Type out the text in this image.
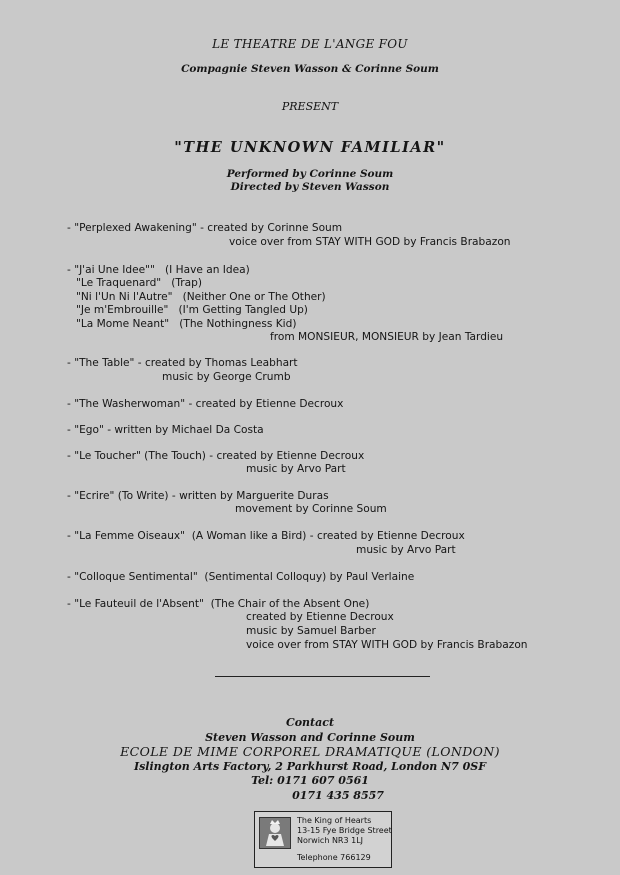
LE THEATRE DE L'ANGE FOU
Compagnie Steven Wasson & Corinne Soum
PRESENT
"THE UNKNOWN FAMILIAR"
Performed by Corinne Soum
Directed by Steven Wasson
- "Perplexed Awakening" - created by Corinne Soum
voice over from STAY WITH GOD by Francis Brabazon
- "J'ai Une Idee""   (I Have an Idea)
"Le Traquenard"   (Trap)
"Ni l'Un Ni l'Autre"   (Neither One or The Other)
"Je m'Embrouille"   (I'm Getting Tangled Up)
"La Mome Neant"   (The Nothingness Kid)
from MONSIEUR, MONSIEUR by Jean Tardieu
- "The Table" - created by Thomas Leabhart
music by George Crumb
- "The Washerwoman" - created by Etienne Decroux
- "Ego" - written by Michael Da Costa
- "Le Toucher" (The Touch) - created by Etienne Decroux
music by Arvo Part
- "Ecrire" (To Write) - written by Marguerite Duras
movement by Corinne Soum
- "La Femme Oiseaux"  (A Woman like a Bird) - created by Etienne Decroux
music by Arvo Part
- "Colloque Sentimental"  (Sentimental Colloquy) by Paul Verlaine
- "Le Fauteuil de l'Absent"  (The Chair of the Absent One)
created by Etienne Decroux
music by Samuel Barber
voice over from STAY WITH GOD by Francis Brabazon
Contact
Steven Wasson and Corinne Soum
ECOLE DE MIME CORPOREL DRAMATIQUE (LONDON)
Islington Arts Factory, 2 Parkhurst Road, London N7 0SF
Tel: 0171 607 0561
0171 435 8557
The King of Hearts
13-15 Fye Bridge Street
Norwich NR3 1LJ
Telephone 766129
